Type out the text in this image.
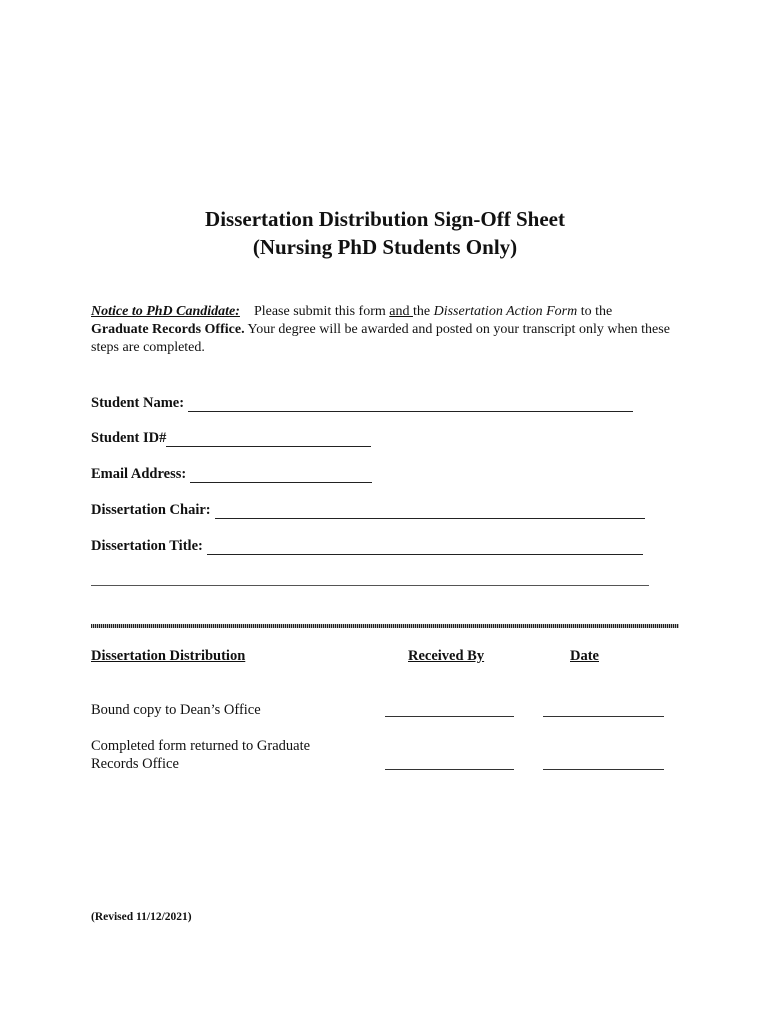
Dissertation Distribution Sign-Off Sheet
(Nursing PhD Students Only)
Notice to PhD Candidate: Please submit this form and the Dissertation Action Form to the Graduate Records Office. Your degree will be awarded and posted on your transcript only when these steps are completed.
Student Name:
Student ID#
Email Address:
Dissertation Chair:
Dissertation Title:
Dissertation Distribution	Received By	Date
Bound copy to Dean’s Office
Completed form returned to Graduate
Records Office
(Revised 11/12/2021)
